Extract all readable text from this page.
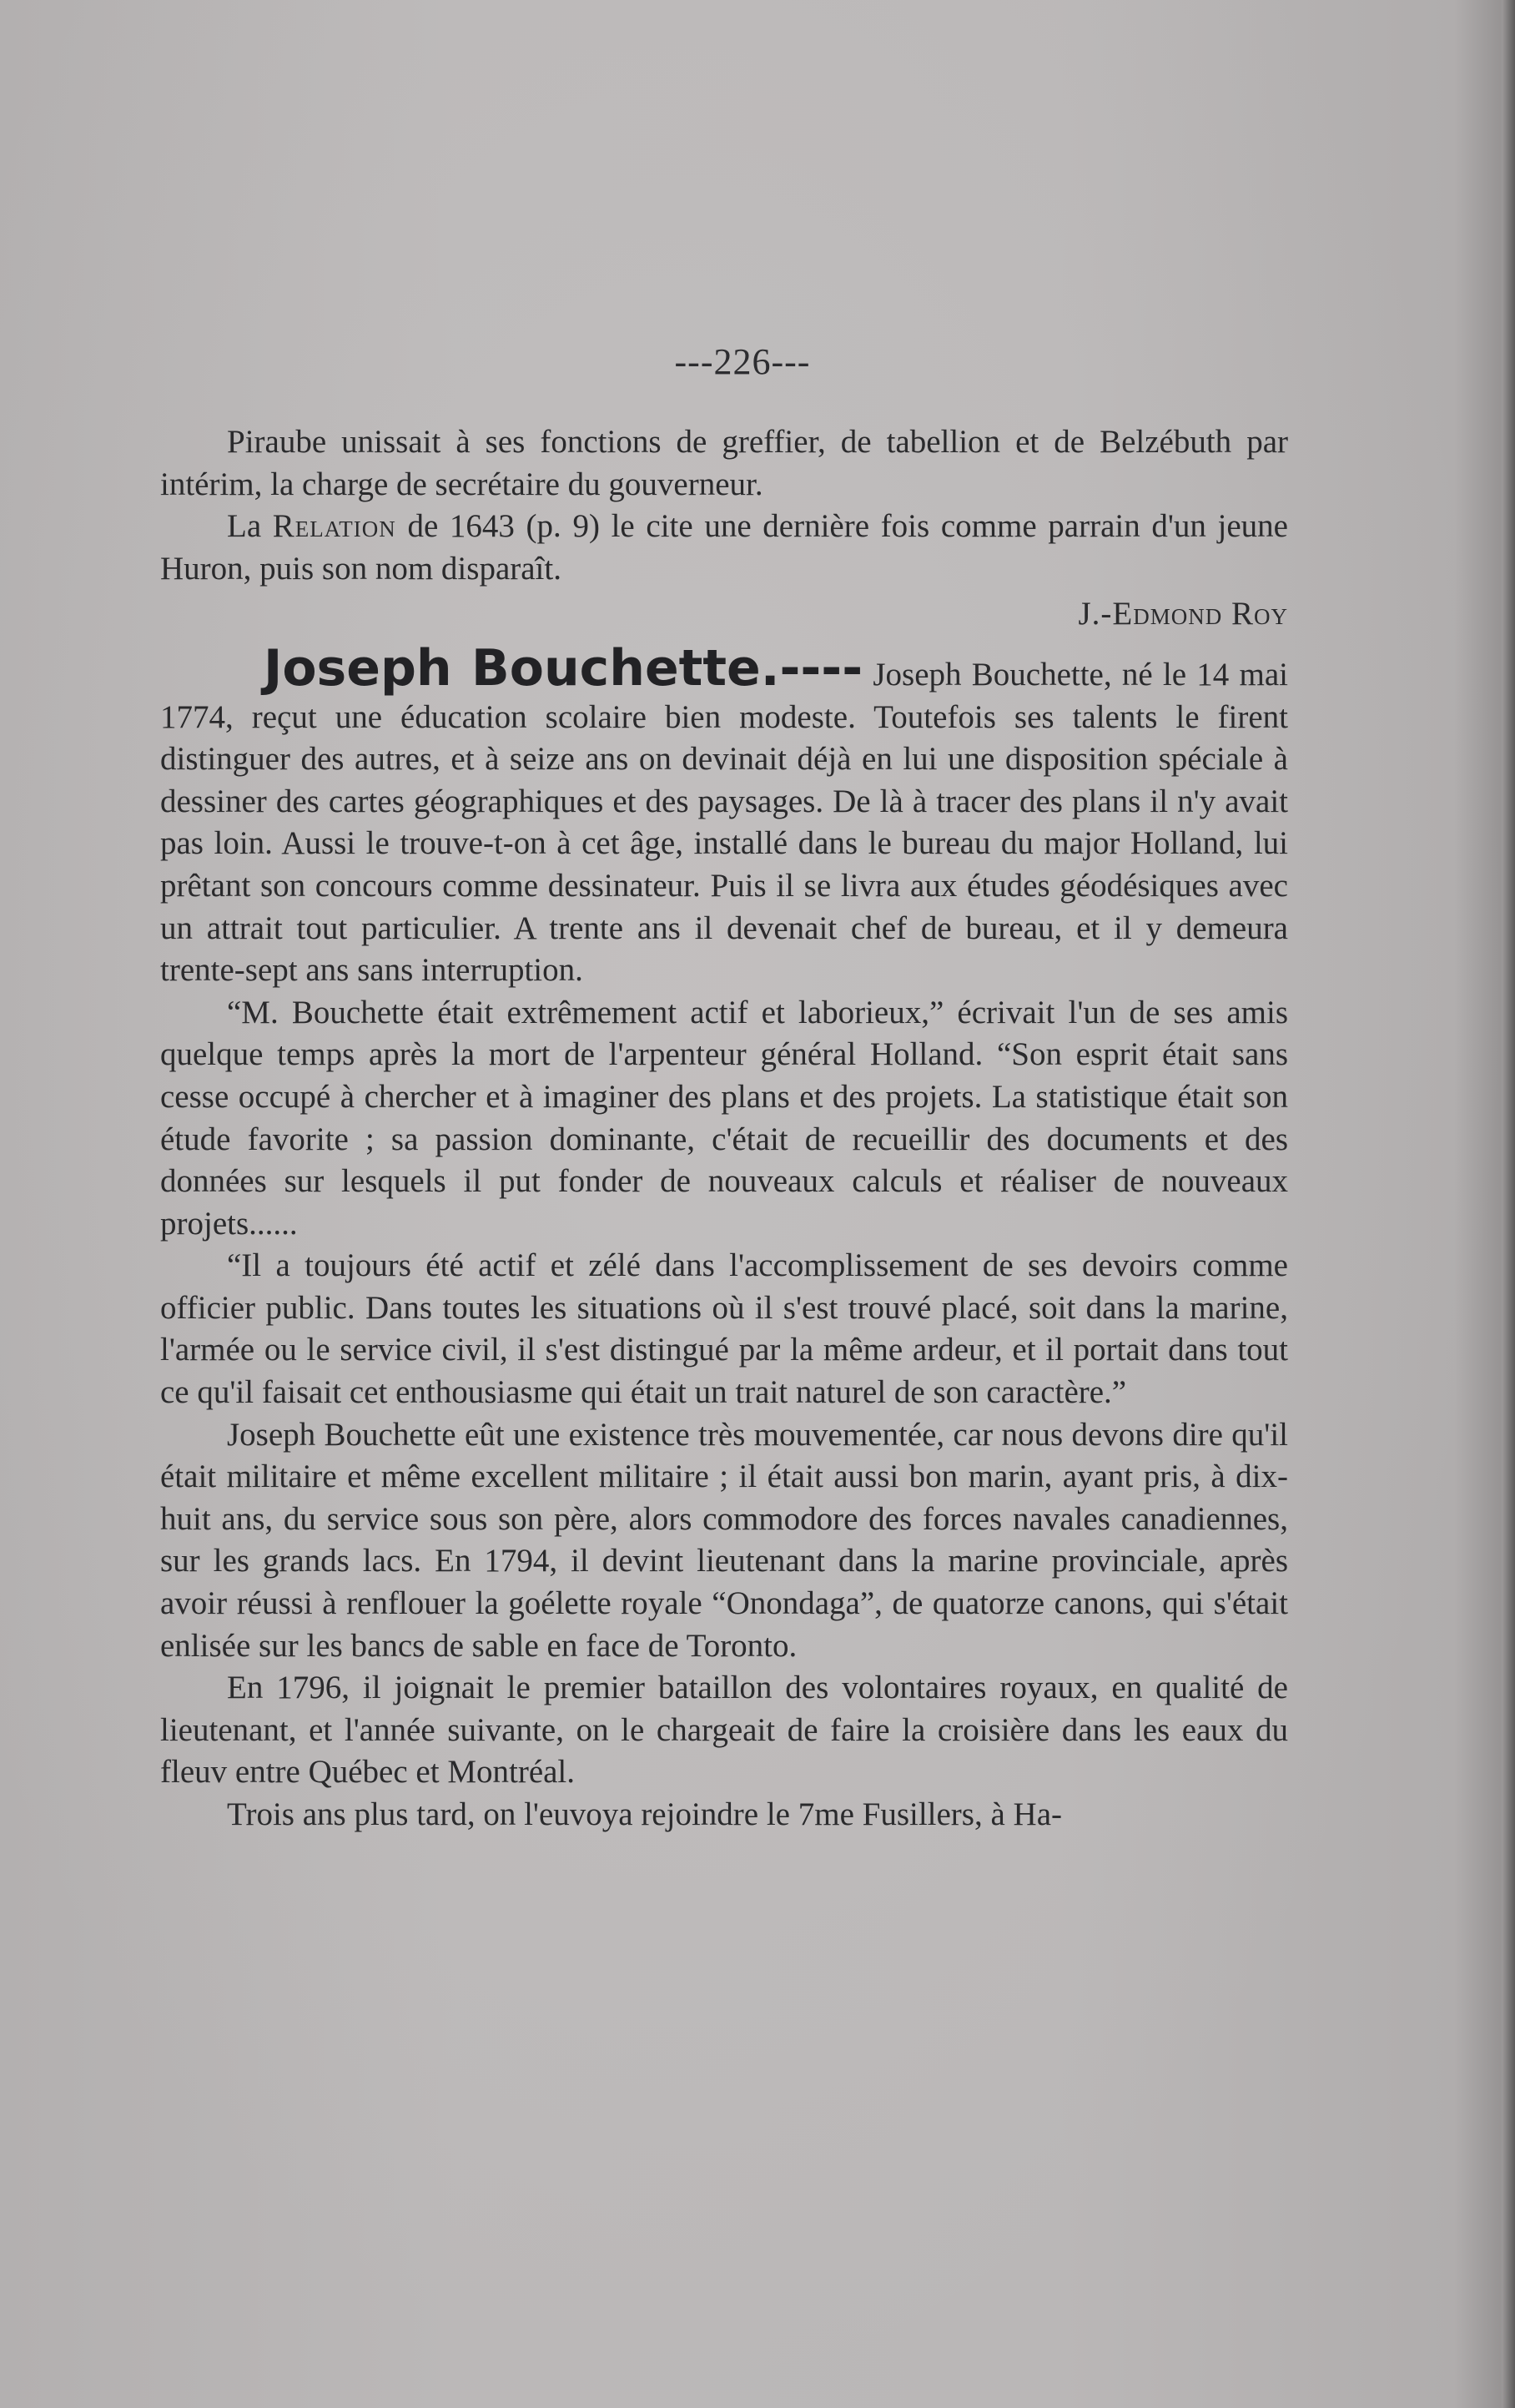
---226---

Piraube unissait à ses fonctions de greffier, de tabellion et de Belzébuth par intérim, la charge de secrétaire du gouverneur.

La Relation de 1643 (p. 9) le cite une dernière fois comme parrain d'un jeune Huron, puis son nom disparaît.

J.-Edmond Roy

Joseph Bouchette.---- Joseph Bouchette, né le 14 mai 1774, reçut une éducation scolaire bien modeste. Toutefois ses talents le firent distinguer des autres, et à seize ans on devinait déjà en lui une disposition spéciale à dessiner des cartes géographiques et des paysages. De là à tracer des plans il n'y avait pas loin. Aussi le trouve-t-on à cet âge, installé dans le bureau du major Holland, lui prêtant son concours comme dessinateur. Puis il se livra aux études géodésiques avec un attrait tout particulier. A trente ans il devenait chef de bureau, et il y demeura trente-sept ans sans interruption.

“M. Bouchette était extrêmement actif et laborieux,” écrivait l'un de ses amis quelque temps après la mort de l'arpenteur général Holland. “Son esprit était sans cesse occupé à chercher et à imaginer des plans et des projets. La statistique était son étude favorite ; sa passion dominante, c'était de recueillir des documents et des données sur lesquels il put fonder de nouveaux calculs et réaliser de nouveaux projets......

“Il a toujours été actif et zélé dans l'accomplissement de ses devoirs comme officier public. Dans toutes les situations où il s'est trouvé placé, soit dans la marine, l'armée ou le service civil, il s'est distingué par la même ardeur, et il portait dans tout ce qu'il faisait cet enthousiasme qui était un trait naturel de son caractère.”

Joseph Bouchette eût une existence très mouvementée, car nous devons dire qu'il était militaire et même excellent militaire ; il était aussi bon marin, ayant pris, à dix-huit ans, du service sous son père, alors commodore des forces navales canadiennes, sur les grands lacs. En 1794, il devint lieutenant dans la marine provinciale, après avoir réussi à renflouer la goélette royale “Onondaga”, de quatorze canons, qui s'était enlisée sur les bancs de sable en face de Toronto.

En 1796, il joignait le premier bataillon des volontaires royaux, en qualité de lieutenant, et l'année suivante, on le chargeait de faire la croisière dans les eaux du fleuv entre Québec et Montréal.

Trois ans plus tard, on l'euvoya rejoindre le 7me Fusillers, à Ha-
